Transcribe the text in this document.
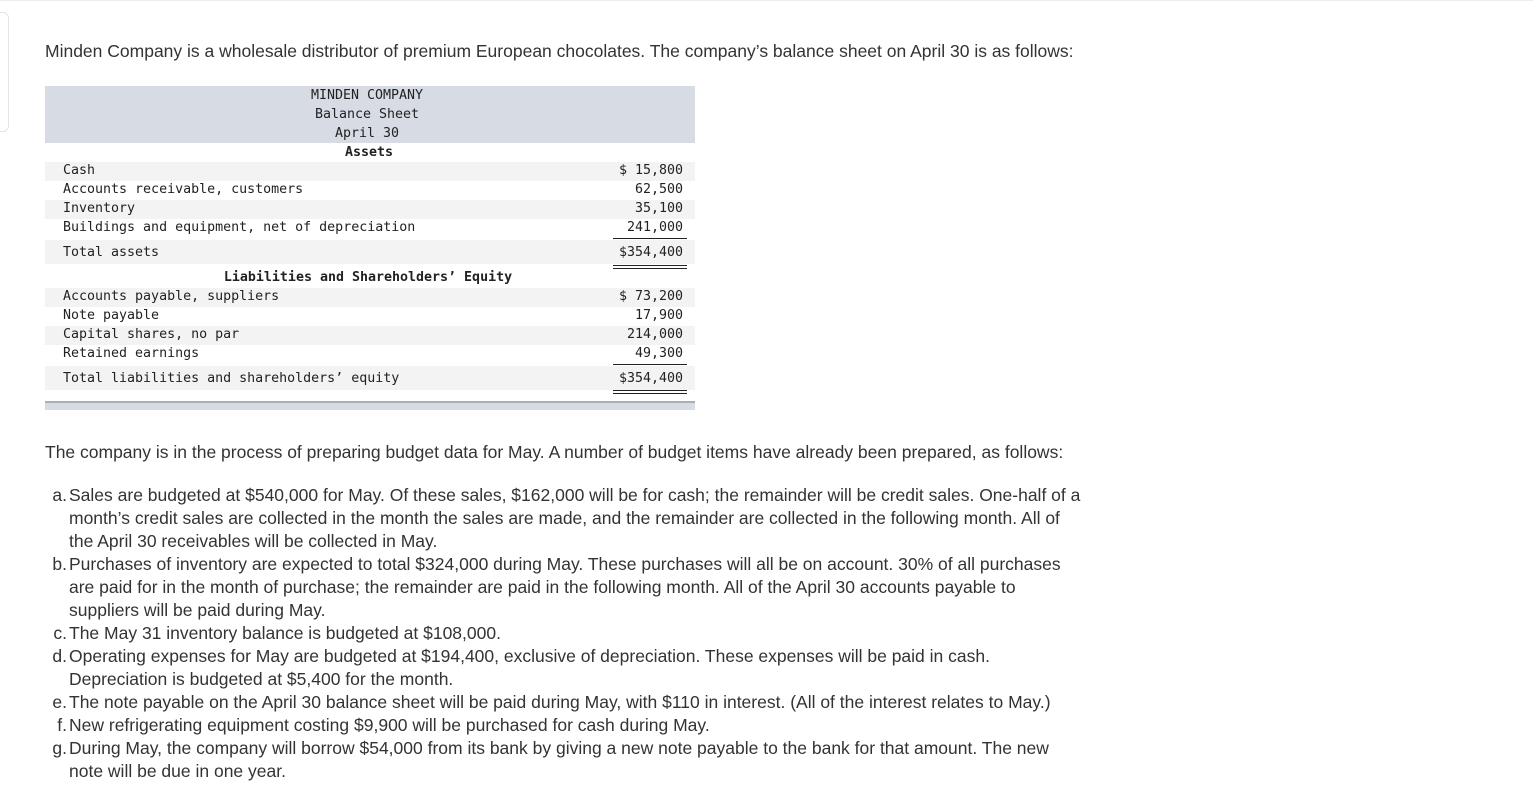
Minden Company is a wholesale distributor of premium European chocolates. The company’s balance sheet on April 30 is as follows:
MINDEN COMPANY
Balance Sheet
April 30
Assets
Cash	$ 15,800
Accounts receivable, customers	62,500
Inventory	35,100
Buildings and equipment, net of depreciation	241,000
Total assets	$354,400
Liabilities and Shareholders’ Equity
Accounts payable, suppliers	$ 73,200
Note payable	17,900
Capital shares, no par	214,000
Retained earnings	49,300
Total liabilities and shareholders’ equity	$354,400
The company is in the process of preparing budget data for May. A number of budget items have already been prepared, as follows:
a. Sales are budgeted at $540,000 for May. Of these sales, $162,000 will be for cash; the remainder will be credit sales. One-half of a
month’s credit sales are collected in the month the sales are made, and the remainder are collected in the following month. All of
the April 30 receivables will be collected in May.
b. Purchases of inventory are expected to total $324,000 during May. These purchases will all be on account. 30% of all purchases
are paid for in the month of purchase; the remainder are paid in the following month. All of the April 30 accounts payable to
suppliers will be paid during May.
c. The May 31 inventory balance is budgeted at $108,000.
d. Operating expenses for May are budgeted at $194,400, exclusive of depreciation. These expenses will be paid in cash.
Depreciation is budgeted at $5,400 for the month.
e. The note payable on the April 30 balance sheet will be paid during May, with $110 in interest. (All of the interest relates to May.)
f. New refrigerating equipment costing $9,900 will be purchased for cash during May.
g. During May, the company will borrow $54,000 from its bank by giving a new note payable to the bank for that amount. The new
note will be due in one year.
